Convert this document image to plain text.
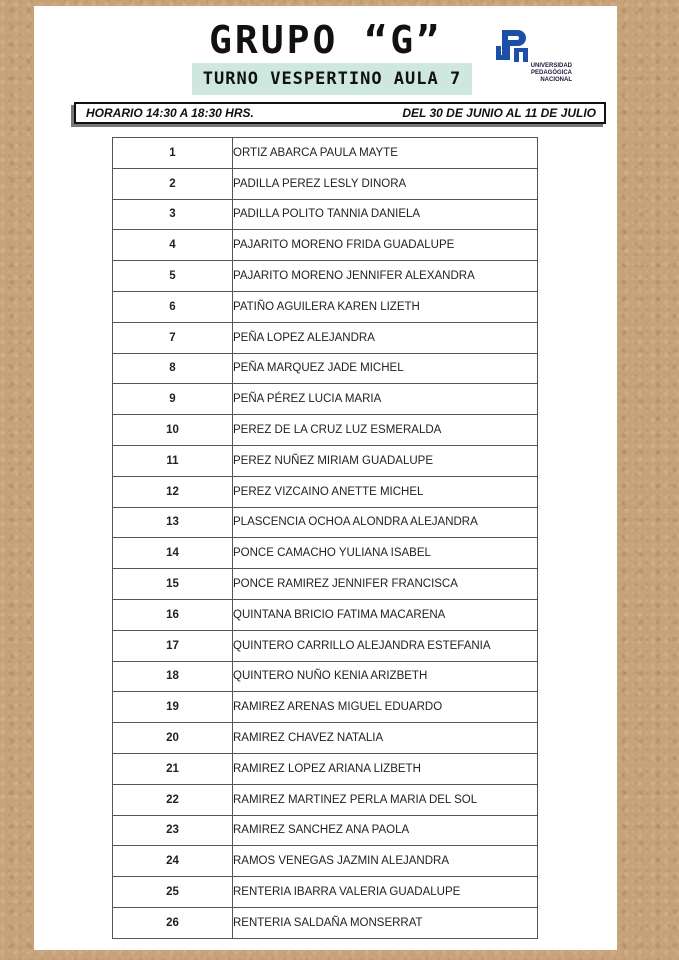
GRUPO “G”
TURNO VESPERTINO AULA 7
UNIVERSIDAD
PEDAGÓGICA
NACIONAL
HORARIO 14:30 A 18:30 HRS.	DEL 30 DE JUNIO AL 11 DE JULIO
1	ORTIZ ABARCA PAULA MAYTE
2	PADILLA PEREZ LESLY DINORA
3	PADILLA POLITO TANNIA DANIELA
4	PAJARITO MORENO FRIDA GUADALUPE
5	PAJARITO MORENO JENNIFER ALEXANDRA
6	PATIÑO AGUILERA KAREN LIZETH
7	PEÑA LOPEZ ALEJANDRA
8	PEÑA MARQUEZ JADE MICHEL
9	PEÑA PÉREZ LUCIA MARIA
10	PEREZ DE LA CRUZ LUZ ESMERALDA
11	PEREZ NUÑEZ MIRIAM GUADALUPE
12	PEREZ VIZCAINO ANETTE MICHEL
13	PLASCENCIA OCHOA ALONDRA ALEJANDRA
14	PONCE CAMACHO YULIANA ISABEL
15	PONCE RAMIREZ JENNIFER FRANCISCA
16	QUINTANA BRICIO FATIMA MACARENA
17	QUINTERO CARRILLO ALEJANDRA ESTEFANIA
18	QUINTERO NUÑO KENIA ARIZBETH
19	RAMIREZ ARENAS MIGUEL EDUARDO
20	RAMIREZ CHAVEZ NATALIA
21	RAMIREZ LOPEZ ARIANA LIZBETH
22	RAMIREZ MARTINEZ PERLA MARIA DEL SOL
23	RAMIREZ SANCHEZ ANA PAOLA
24	RAMOS VENEGAS JAZMIN ALEJANDRA
25	RENTERIA IBARRA VALERIA GUADALUPE
26	RENTERIA SALDAÑA MONSERRAT
